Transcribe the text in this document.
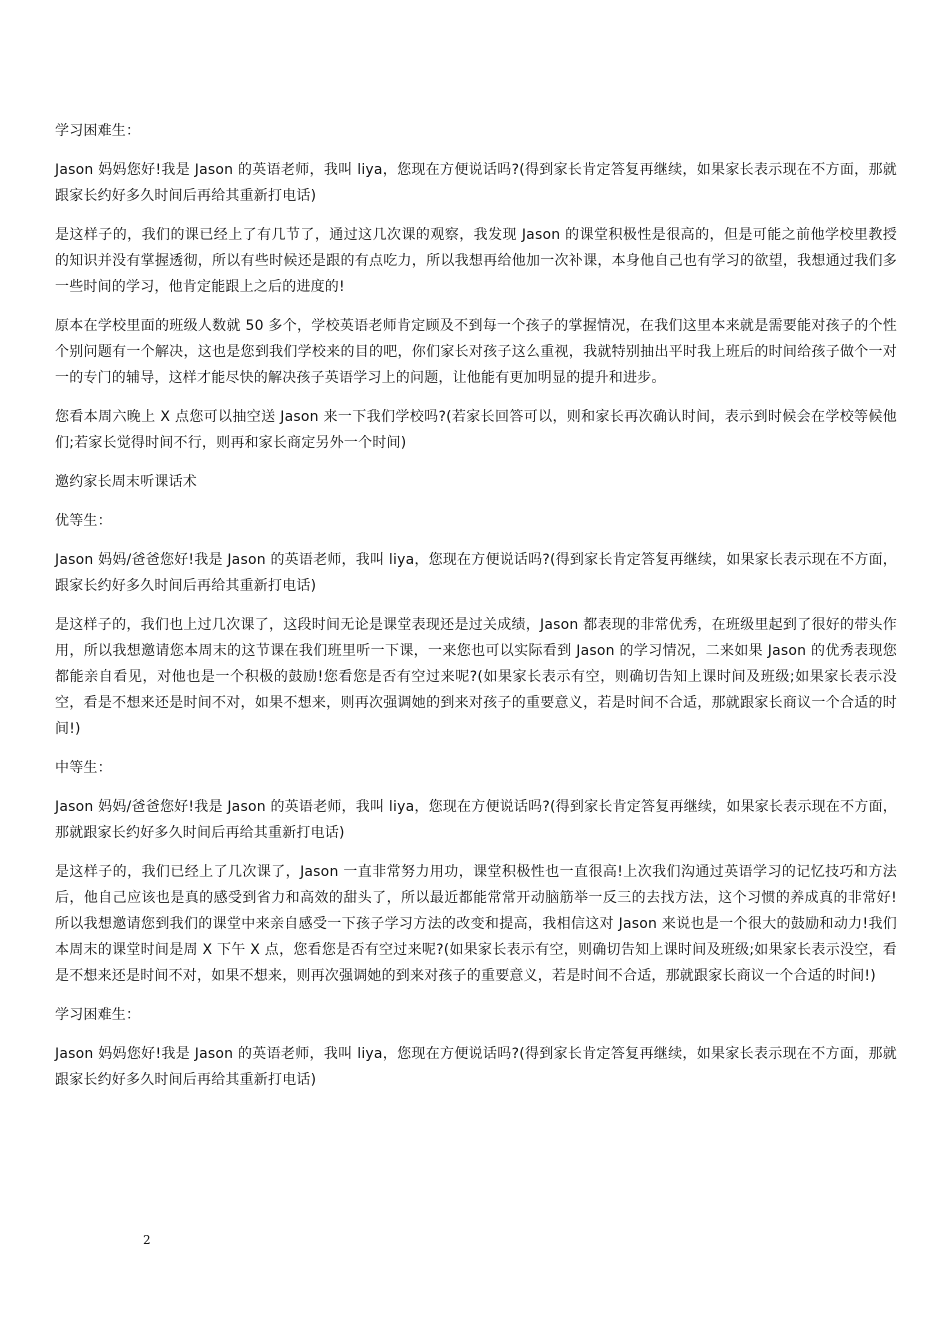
学习困难生：

Jason 妈妈您好!我是 Jason 的英语老师，我叫 liya，您现在方便说话吗?(得到家长肯定答复再继续，如果家长表示现在不方面，那就跟家长约好多久时间后再给其重新打电话)

是这样子的，我们的课已经上了有几节了，通过这几次课的观察，我发现 Jason 的课堂积极性是很高的，但是可能之前他学校里教授的知识并没有掌握透彻，所以有些时候还是跟的有点吃力，所以我想再给他加一次补课，本身他自己也有学习的欲望，我想通过我们多一些时间的学习，他肯定能跟上之后的进度的!

原本在学校里面的班级人数就 50 多个，学校英语老师肯定顾及不到每一个孩子的掌握情况，在我们这里本来就是需要能对孩子的个性个别问题有一个解决，这也是您到我们学校来的目的吧，你们家长对孩子这么重视，我就特别抽出平时我上班后的时间给孩子做个一对一的专门的辅导，这样才能尽快的解决孩子英语学习上的问题，让他能有更加明显的提升和进步。

您看本周六晚上 X 点您可以抽空送 Jason 来一下我们学校吗?(若家长回答可以，则和家长再次确认时间，表示到时候会在学校等候他们;若家长觉得时间不行，则再和家长商定另外一个时间)

邀约家长周末听课话术

优等生：

Jason 妈妈/爸爸您好!我是 Jason 的英语老师，我叫 liya，您现在方便说话吗?(得到家长肯定答复再继续，如果家长表示现在不方面，跟家长约好多久时间后再给其重新打电话)

是这样子的，我们也上过几次课了，这段时间无论是课堂表现还是过关成绩，Jason 都表现的非常优秀，在班级里起到了很好的带头作用，所以我想邀请您本周末的这节课在我们班里听一下课，一来您也可以实际看到 Jason 的学习情况，二来如果 Jason 的优秀表现您都能亲自看见，对他也是一个积极的鼓励!您看您是否有空过来呢?(如果家长表示有空，则确切告知上课时间及班级;如果家长表示没空，看是不想来还是时间不对，如果不想来，则再次强调她的到来对孩子的重要意义，若是时间不合适，那就跟家长商议一个合适的时间!)

中等生：

Jason 妈妈/爸爸您好!我是 Jason 的英语老师，我叫 liya，您现在方便说话吗?(得到家长肯定答复再继续，如果家长表示现在不方面，那就跟家长约好多久时间后再给其重新打电话)

是这样子的，我们已经上了几次课了，Jason 一直非常努力用功，课堂积极性也一直很高!上次我们沟通过英语学习的记忆技巧和方法后，他自己应该也是真的感受到省力和高效的甜头了，所以最近都能常常开动脑筋举一反三的去找方法，这个习惯的养成真的非常好!所以我想邀请您到我们的课堂中来亲自感受一下孩子学习方法的改变和提高，我相信这对 Jason 来说也是一个很大的鼓励和动力!我们本周末的课堂时间是周 X 下午 X 点，您看您是否有空过来呢?(如果家长表示有空，则确切告知上课时间及班级;如果家长表示没空，看是不想来还是时间不对，如果不想来，则再次强调她的到来对孩子的重要意义，若是时间不合适，那就跟家长商议一个合适的时间!)

学习困难生：

Jason 妈妈您好!我是 Jason 的英语老师，我叫 liya，您现在方便说话吗?(得到家长肯定答复再继续，如果家长表示现在不方面，那就跟家长约好多久时间后再给其重新打电话)

2
